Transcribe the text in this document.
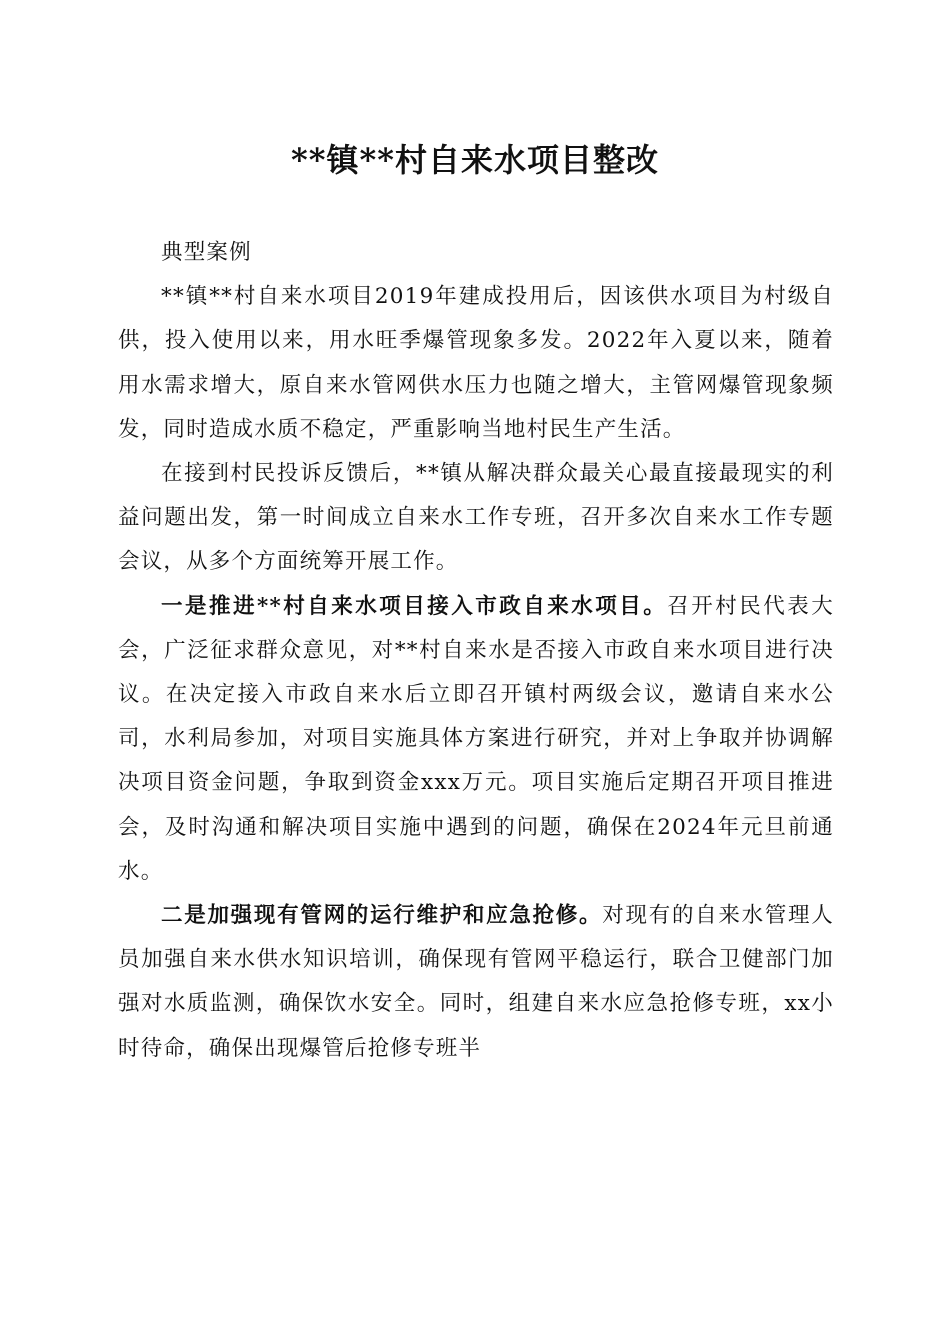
**镇**村自来水项目整改

典型案例

**镇**村自来水项目2019年建成投用后，因该供水项目为村级自供，投入使用以来，用水旺季爆管现象多发。2022年入夏以来，随着用水需求增大，原自来水管网供水压力也随之增大，主管网爆管现象频发，同时造成水质不稳定，严重影响当地村民生产生活。

在接到村民投诉反馈后，**镇从解决群众最关心最直接最现实的利益问题出发，第一时间成立自来水工作专班，召开多次自来水工作专题会议，从多个方面统筹开展工作。

一是推进**村自来水项目接入市政自来水项目。召开村民代表大会，广泛征求群众意见，对**村自来水是否接入市政自来水项目进行决议。在决定接入市政自来水后立即召开镇村两级会议，邀请自来水公司，水利局参加，对项目实施具体方案进行研究，并对上争取并协调解决项目资金问题，争取到资金xxx万元。项目实施后定期召开项目推进会，及时沟通和解决项目实施中遇到的问题，确保在2024年元旦前通水。

二是加强现有管网的运行维护和应急抢修。对现有的自来水管理人员加强自来水供水知识培训，确保现有管网平稳运行，联合卫健部门加强对水质监测，确保饮水安全。同时，组建自来水应急抢修专班，xx小时待命，确保出现爆管后抢修专班半
